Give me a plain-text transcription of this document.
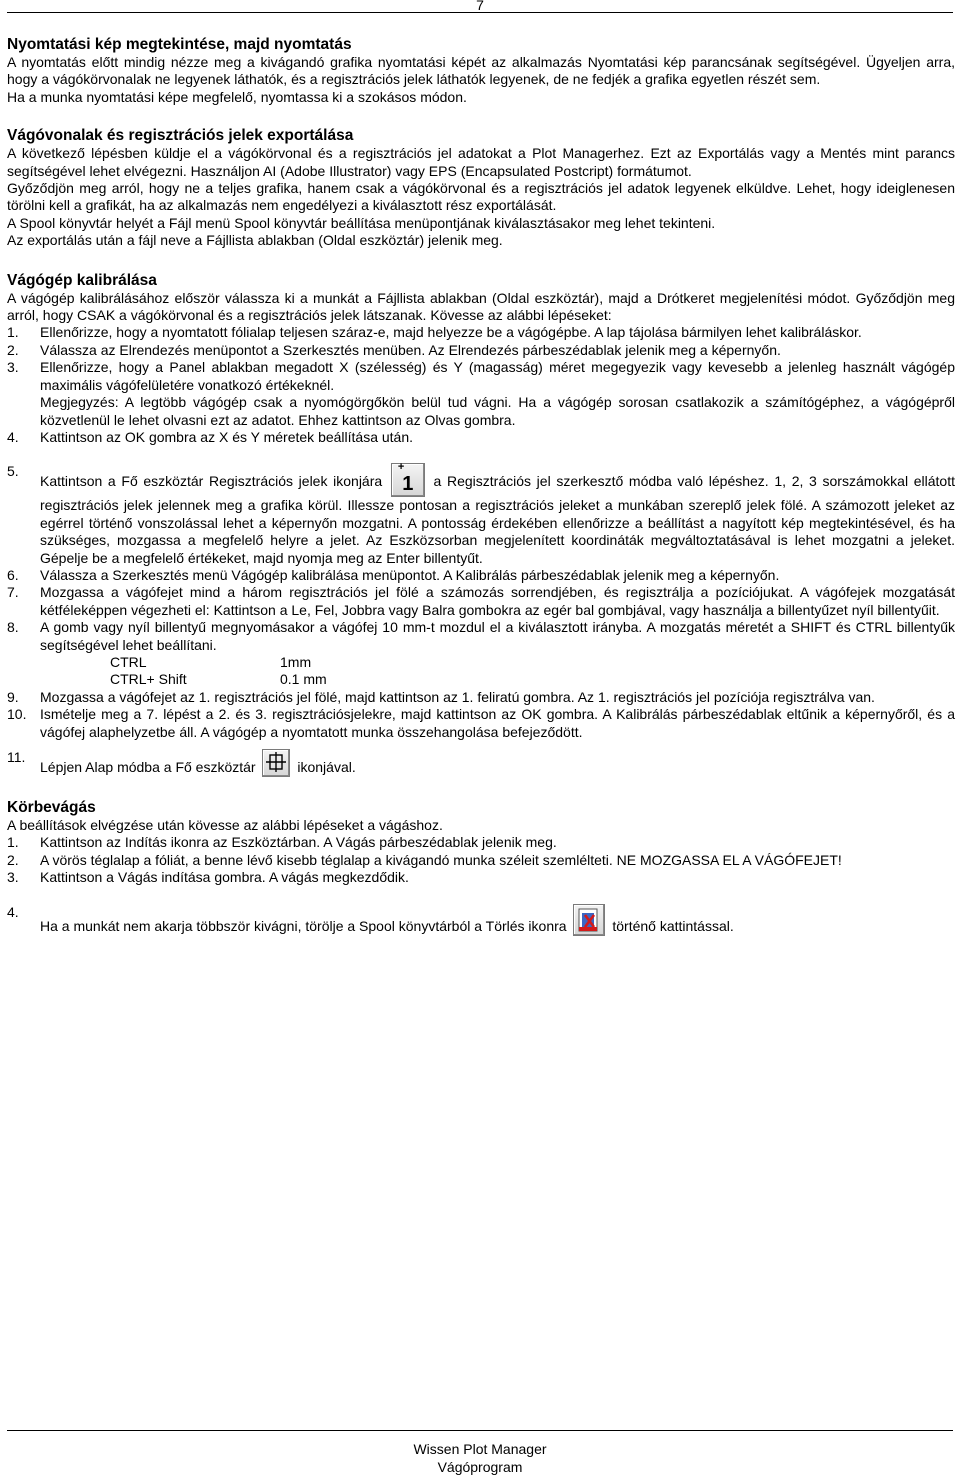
7
Nyomtatási kép megtekintése, majd nyomtatás

A nyomtatás előtt mindig nézze meg a kivágandó grafika nyomtatási képét az alkalmazás Nyomtatási kép parancsának segítségével. Ügyeljen arra, hogy a vágókörvonalak ne legyenek láthatók, és a regisztrációs jelek láthatók legyenek, de ne fedjék a grafika egyetlen részét sem.

Ha a munka nyomtatási képe megfelelő, nyomtassa ki a szokásos módon.

Vágóvonalak és regisztrációs jelek exportálása

A következő lépésben küldje el a vágókörvonal és a regisztrációs jel adatokat a Plot Managerhez. Ezt az Exportálás vagy a Mentés mint parancs segítségével lehet elvégezni. Használjon AI (Adobe Illustrator) vagy EPS (Encapsulated Postcript) formátumot.

Győződjön meg arról, hogy ne a teljes grafika, hanem csak a vágókörvonal és a regisztrációs jel adatok legyenek elküldve. Lehet, hogy ideiglenesen törölni kell a grafikát, ha az alkalmazás nem engedélyezi a kiválasztott rész exportálását.

A Spool könyvtár helyét a Fájl menü Spool könyvtár beállítása menüpontjának kiválasztásakor meg lehet tekinteni.

Az exportálás után a fájl neve a Fájllista ablakban (Oldal eszköztár) jelenik meg.

Vágógép kalibrálása

A vágógép kalibrálásához először válassza ki a munkát a Fájllista ablakban (Oldal eszköztár), majd a Drótkeret megjelenítési módot. Győződjön meg arról, hogy CSAK a vágókörvonal és a regisztrációs jelek látszanak. Kövesse az alábbi lépéseket:

1. Ellenőrizze, hogy a nyomtatott fólialap teljesen száraz-e, majd helyezze be a vágógépbe. A lap tájolása bármilyen lehet kalibráláskor.
2. Válassza az Elrendezés menüpontot a Szerkesztés menüben. Az Elrendezés párbeszédablak jelenik meg a képernyőn.
3. Ellenőrizze, hogy a Panel ablakban megadott X (szélesség) és Y (magasság) méret megegyezik vagy kevesebb a jelenleg használt vágógép maximális vágófelületére vonatkozó értékeknél.
Megjegyzés: A legtöbb vágógép csak a nyomógörgőkön belül tud vágni. Ha a vágógép sorosan csatlakozik a számítógéphez, a vágógépről közvetlenül le lehet olvasni ezt az adatot. Ehhez kattintson az Olvas gombra.
4. Kattintson az OK gombra az X és Y méretek beállítása után.
5.
Kattintson a Fő eszköztár Regisztrációs jelek ikonjára
+
1 a Regisztrációs jel szerkesztő módba való lépéshez. 1, 2, 3 sorszámokkal ellátott regisztrációs jelek jelennek meg a grafika körül. Illessze pontosan a regisztrációs jeleket a munkában szereplő jelek fölé. A számozott jeleket az egérrel történő vonszolással lehet a képernyőn mozgatni. A pontosság érdekében ellenőrizze a beállítást a nagyított kép megtekintésével, és ha szükséges, mozgassa a megfelelő helyre a jelet. Az Eszközsorban megjelenített koordináták megváltoztatásával is lehet mozgatni a jeleket. Gépelje be a megfelelő értékeket, majd nyomja meg az Enter billentyűt.
6. Válassza a Szerkesztés menü Vágógép kalibrálása menüpontot. A Kalibrálás párbeszédablak jelenik meg a képernyőn.
7. Mozgassa a vágófejet mind a három regisztrációs jel fölé a számozás sorrendjében, és regisztrálja a pozíciójukat. A vágófejek mozgatását kétféleképpen végezheti el: Kattintson a Le, Fel, Jobbra vagy Balra gombokra az egér bal gombjával, vagy használja a billentyűzet nyíl billentyűit.
8. A gomb vagy nyíl billentyű megnyomásakor a vágófej 10 mm-t mozdul el a kiválasztott irányba. A mozgatás méretét a SHIFT és CTRL billentyűk segítségével lehet beállítani.
CTRL	1mm
CTRL+ Shift	0.1 mm
9. Mozgassa a vágófejet az 1. regisztrációs jel fölé, majd kattintson az 1. feliratú gombra. Az 1. regisztrációs jel pozíciója regisztrálva van.
10. Ismételje meg a 7. lépést a 2. és 3. regisztrációsjelekre, majd kattintson az OK gombra. A Kalibrálás párbeszédablak eltűnik a képernyőről, és a vágófej alaphelyzetbe áll. A vágógép a nyomtatott munka összehangolása befejeződött.
11.
Lépjen Alap módba a Fő eszköztár	ikonjával.
Körbevágás

A beállítások elvégzése után kövesse az alábbi lépéseket a vágáshoz.

1. Kattintson az Indítás ikonra az Eszköztárban. A Vágás párbeszédablak jelenik meg.
2. A vörös téglalap a fóliát, a benne lévő kisebb téglalap a kivágandó munka széleit szemlélteti. NE MOZGASSA EL A VÁGÓFEJET!
3. Kattintson a Vágás indítása gombra. A vágás megkezdődik.
4.
Ha a munkát nem akarja többször kivágni, törölje a Spool könyvtárból a Törlés ikonra	történő kattintással.
Wissen Plot Manager
Vágóprogram
